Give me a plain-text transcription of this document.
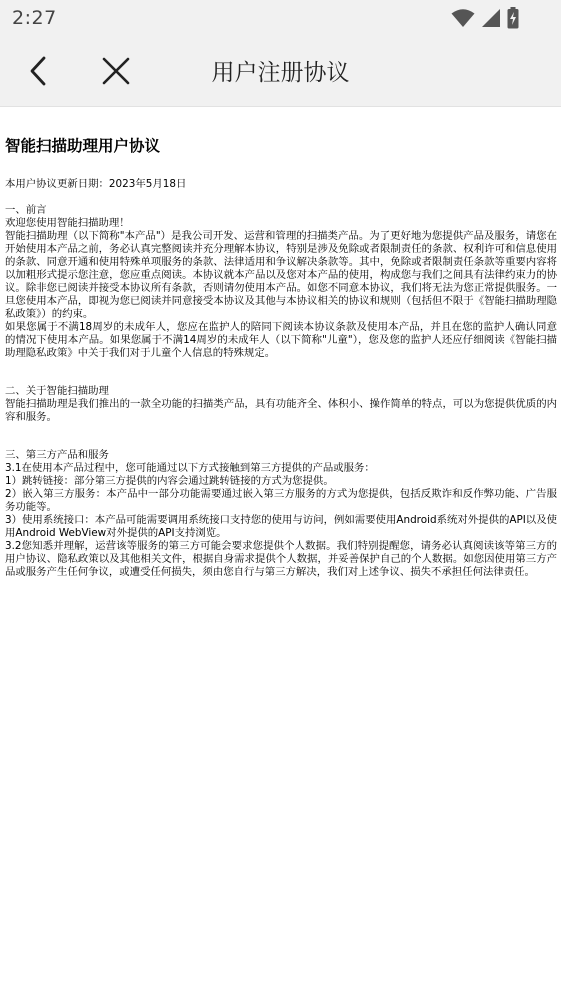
2:27
用户注册协议
智能扫描助理用户协议

本用户协议更新日期：2023年5月18日

一、前言

欢迎您使用智能扫描助理！

智能扫描助理（以下简称"本产品"）是我公司开发、运营和管理的扫描类产品。为了更好地为您提供产品及服务，请您在开始使用本产品之前，务必认真完整阅读并充分理解本协议，特别是涉及免除或者限制责任的条款、权利许可和信息使用的条款、同意开通和使用特殊单项服务的条款、法律适用和争议解决条款等。其中，免除或者限制责任条款等重要内容将以加粗形式提示您注意，您应重点阅读。本协议就本产品以及您对本产品的使用，构成您与我们之间具有法律约束力的协议。除非您已阅读并接受本协议所有条款，否则请勿使用本产品。如您不同意本协议，我们将无法为您正常提供服务。一旦您使用本产品，即视为您已阅读并同意接受本协议及其他与本协议相关的协议和规则（包括但不限于《智能扫描助理隐私政策》）的约束。

如果您属于不满18周岁的未成年人，您应在监护人的陪同下阅读本协议条款及使用本产品，并且在您的监护人确认同意的情况下使用本产品。如果您属于不满14周岁的未成年人（以下简称"儿童"），您及您的监护人还应仔细阅读《智能扫描助理隐私政策》中关于我们对于儿童个人信息的特殊规定。

二、关于智能扫描助理

智能扫描助理是我们推出的一款全功能的扫描类产品，具有功能齐全、体积小、操作简单的特点，可以为您提供优质的内容和服务。

三、第三方产品和服务

3.1在使用本产品过程中，您可能通过以下方式接触到第三方提供的产品或服务：

1）跳转链接：部分第三方提供的内容会通过跳转链接的方式为您提供。

2）嵌入第三方服务：本产品中一部分功能需要通过嵌入第三方服务的方式为您提供，包括反欺诈和反作弊功能、广告服务功能等。

3）使用系统接口：本产品可能需要调用系统接口支持您的使用与访问，例如需要使用Android系统对外提供的API以及使用Android WebView对外提供的API支持浏览。

3.2您知悉并理解，运营该等服务的第三方可能会要求您提供个人数据。我们特别提醒您，请务必认真阅读该等第三方的用户协议、隐私政策以及其他相关文件，根据自身需求提供个人数据，并妥善保护自己的个人数据。如您因使用第三方产品或服务产生任何争议，或遭受任何损失，须由您自行与第三方解决，我们对上述争议、损失不承担任何法律责任。
